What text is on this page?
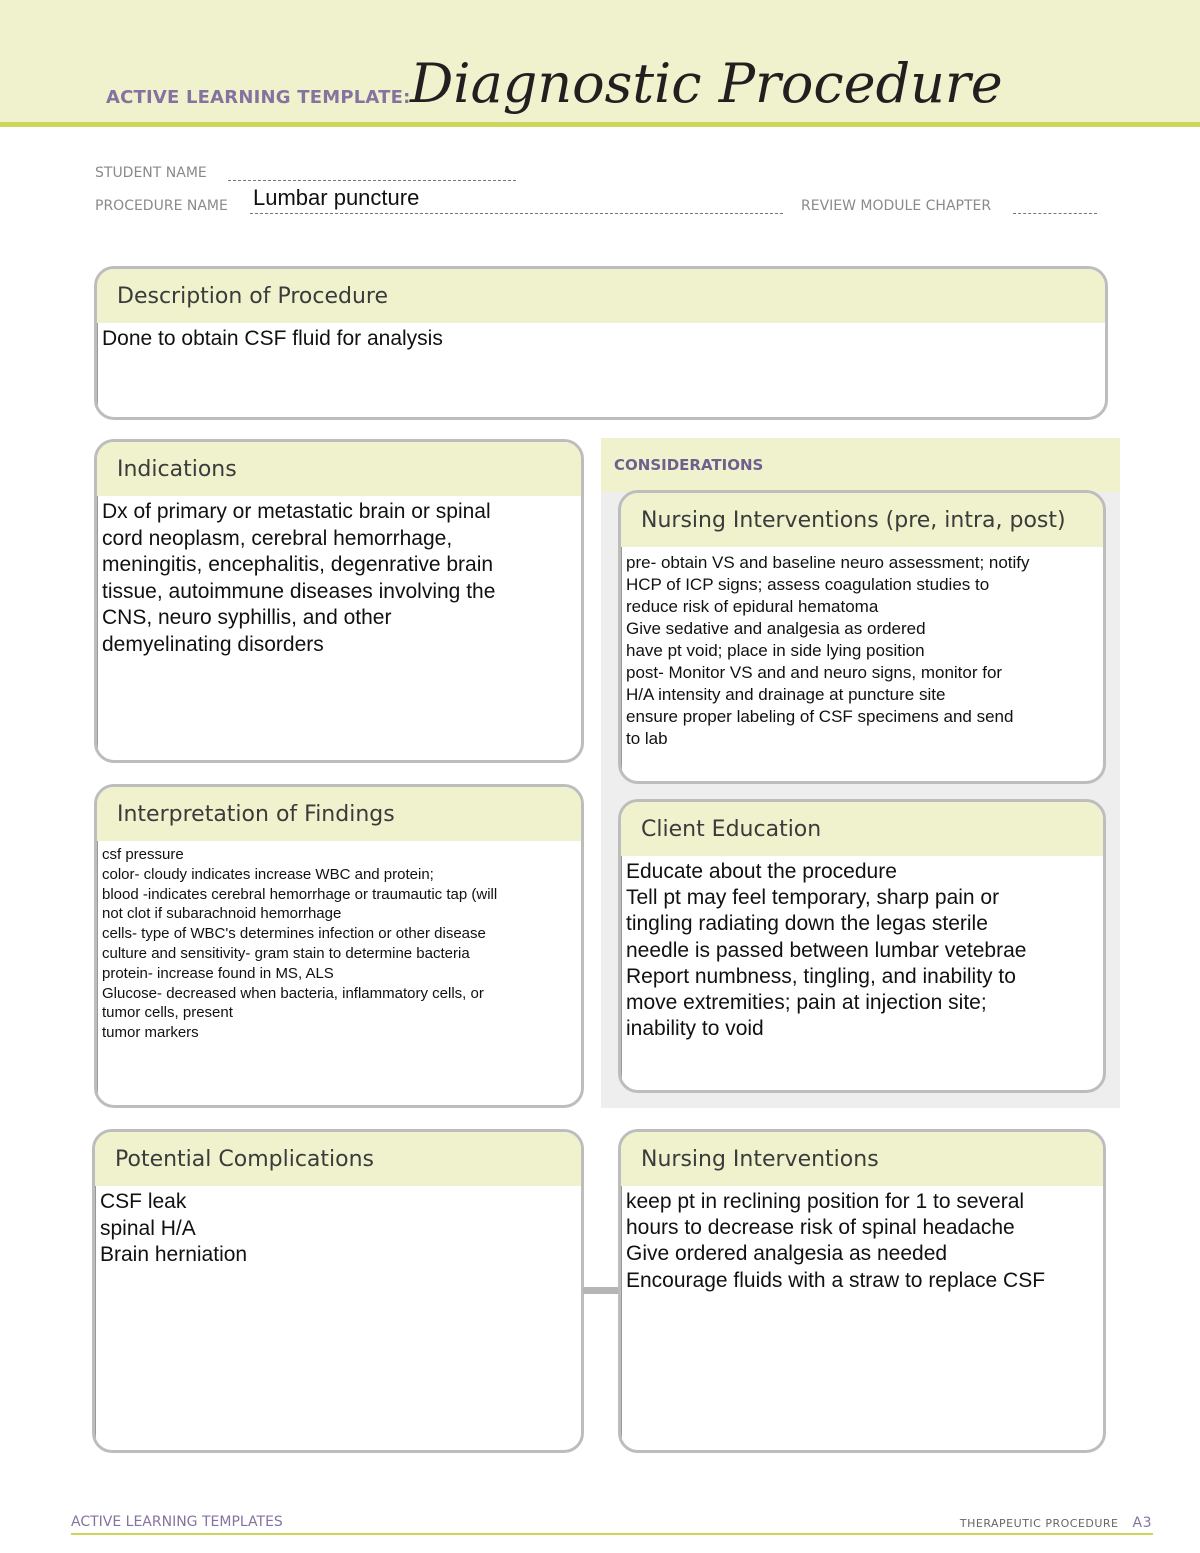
ACTIVE LEARNING TEMPLATE: Diagnostic Procedure
STUDENT NAME
PROCEDURE NAME Lumbar puncture	REVIEW MODULE CHAPTER
Description of Procedure
Done to obtain CSF fluid for analysis
Indications
Dx of primary or metastatic brain or spinal
cord neoplasm, cerebral hemorrhage,
meningitis, encephalitis, degenrative brain
tissue, autoimmune diseases involving the
CNS, neuro syphillis, and other
demyelinating disorders
Interpretation of Findings
csf pressure
color- cloudy indicates increase WBC and protein;
blood -indicates cerebral hemorrhage or traumautic tap (will
not clot if subarachnoid hemorrhage
cells- type of WBC's determines infection or other disease
culture and sensitivity- gram stain to determine bacteria
protein- increase found in MS, ALS
Glucose- decreased when bacteria, inflammatory cells, or
tumor cells, present
tumor markers
CONSIDERATIONS
Nursing Interventions (pre, intra, post)
pre- obtain VS and baseline neuro assessment; notify
HCP of ICP signs; assess coagulation studies to
reduce risk of epidural hematoma
Give sedative and analgesia as ordered
have pt void; place in side lying position
post- Monitor VS and and neuro signs, monitor for
H/A intensity and drainage at puncture site
ensure proper labeling of CSF specimens and send
to lab
Client Education
Educate about the procedure
Tell pt may feel temporary, sharp pain or
tingling radiating down the legas sterile
needle is passed between lumbar vetebrae
Report numbness, tingling, and inability to
move extremities; pain at injection site;
inability to void
Potential Complications
CSF leak
spinal H/A
Brain herniation
Nursing Interventions
keep pt in reclining position for 1 to several
hours to decrease risk of spinal headache
Give ordered analgesia as needed
Encourage fluids with a straw to replace CSF
ACTIVE LEARNING TEMPLATES	THERAPEUTIC PROCEDURE A3
